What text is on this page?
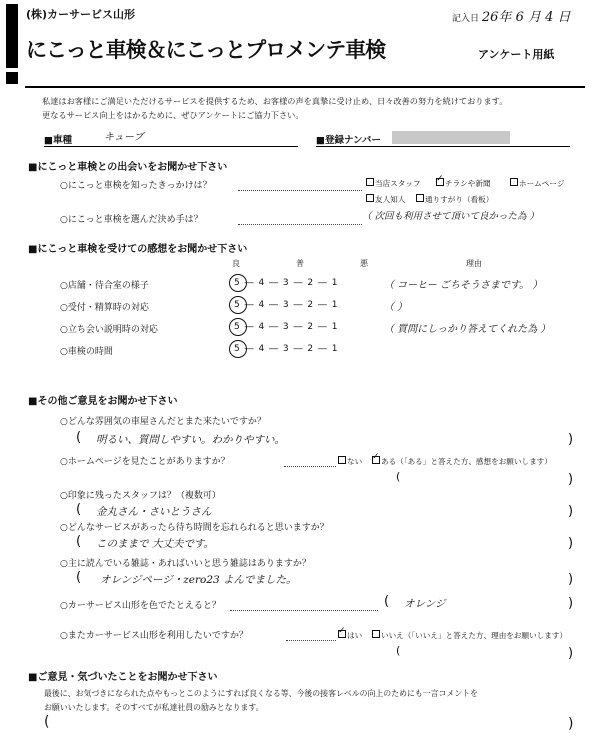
(株)カーサービス山形	記入日 26年 6 月 4 日
にこっと車検＆にこっとプロメンテ車検	アンケート用紙
私達はお客様にご満足いただけるサービスを提供するため、お客様の声を真摯に受け止め、日々改善の努力を続けております。
更なるサービス向上をはかるために、ぜひアンケートにご協力下さい。
■車種	キューブ	■登録ナンバー
■にこっと車検との出会いをお聞かせ下さい
○にこっと車検を知ったきっかけは？	当店スタッフ ✓	チラシや新聞	ホームページ
友人知人	通りすがり（看板）
○にこっと車検を選んだ決め手は？	（ 次回も利用させて頂いて良かった為 ）
■にこっと車検を受けての感想をお聞かせ下さい
良	普	悪	理由
○店舗・待合室の様子	5 ― 4 ― 3 ― 2 ― 1	（ コーヒー ごちそうさまです。 ）
○受付・精算時の対応	5 ― 4 ― 3 ― 2 ― 1	（ ）
○立ち会い説明時の対応	5 ― 4 ― 3 ― 2 ― 1	（ 質問にしっかり答えてくれた為 ）
○車検の時間	5 ― 4 ― 3 ― 2 ― 1
■その他ご意見をお聞かせ下さい
○どんな雰囲気の車屋さんだとまた来たいですか？
( 明るい、質問しやすい。わかりやすい。	)
○ホームページを見たことがありますか？	ない ✓	ある（「ある」と答えた方、感想をお願いします）
(	)
○印象に残ったスタッフは？（複数可）
( 金丸さん・さいとうさん	)
○どんなサービスがあったら待ち時間を忘れられると思いますか？
( このままで 大丈夫です。	)
○主に読んでいる雑誌・あればいいと思う雑誌はありますか？
( オレンジページ・zero23 よんでました。	)
○カーサービス山形を色でたとえると？	( オレンジ	)
○またカーサービス山形を利用したいですか？ ✓	はい	いいえ（「いいえ」と答えた方、理由をお願いします）
(	)
■ご意見・気づいたことをお聞かせ下さい
最後に、お気づきになられた点やもっとこのようにすれば良くなる等、今後の接客レベルの向上のためにも一言コメントを
お願いいたします。そのすべてが私達社員の励みとなります。
(	)
